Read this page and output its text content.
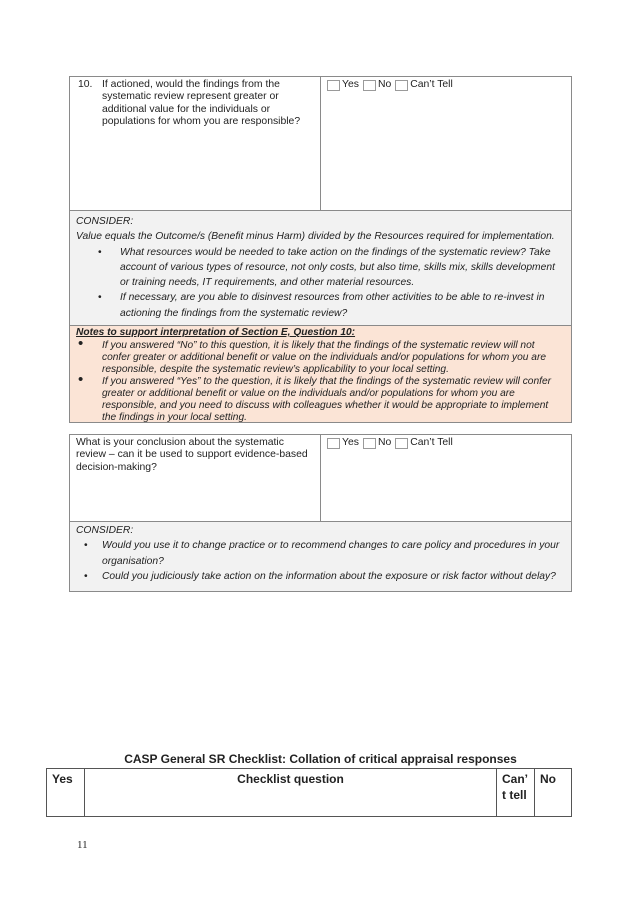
10. If actioned, would the findings from the systematic review represent greater or additional value for the individuals or populations for whom you are responsible?
Yes No Can’t Tell

CONSIDER:

Value equals the Outcome/s (Benefit minus Harm) divided by the Resources required for implementation.

• What resources would be needed to take action on the findings of the systematic review? Take account of various types of resource, not only costs, but also time, skills mix, skills development or training needs, IT requirements, and other material resources.
• If necessary, are you able to disinvest resources from other activities to be able to re-invest in actioning the findings from the systematic review?
Notes to support interpretation of Section E, Question 10:
• If you answered “No” to this question, it is likely that the findings of the systematic review will not confer greater or additional benefit or value on the individuals and/or populations for whom you are responsible, despite the systematic review’s applicability to your local setting.
• If you answered “Yes” to the question, it is likely that the findings of the systematic review will confer greater or additional benefit or value on the individuals and/or populations for whom you are responsible, and you need to discuss with colleagues whether it would be appropriate to implement the findings in your local setting.
What is your conclusion about the systematic review – can it be used to support evidence-based decision-making?
Yes No Can’t Tell

CONSIDER:

• Would you use it to change practice or to recommend changes to care policy and procedures in your organisation?
• Could you judiciously take action on the information about the exposure or risk factor without delay?
CASP General SR Checklist: Collation of critical appraisal responses
Yes	Checklist question	Can’ t tell
No
11
